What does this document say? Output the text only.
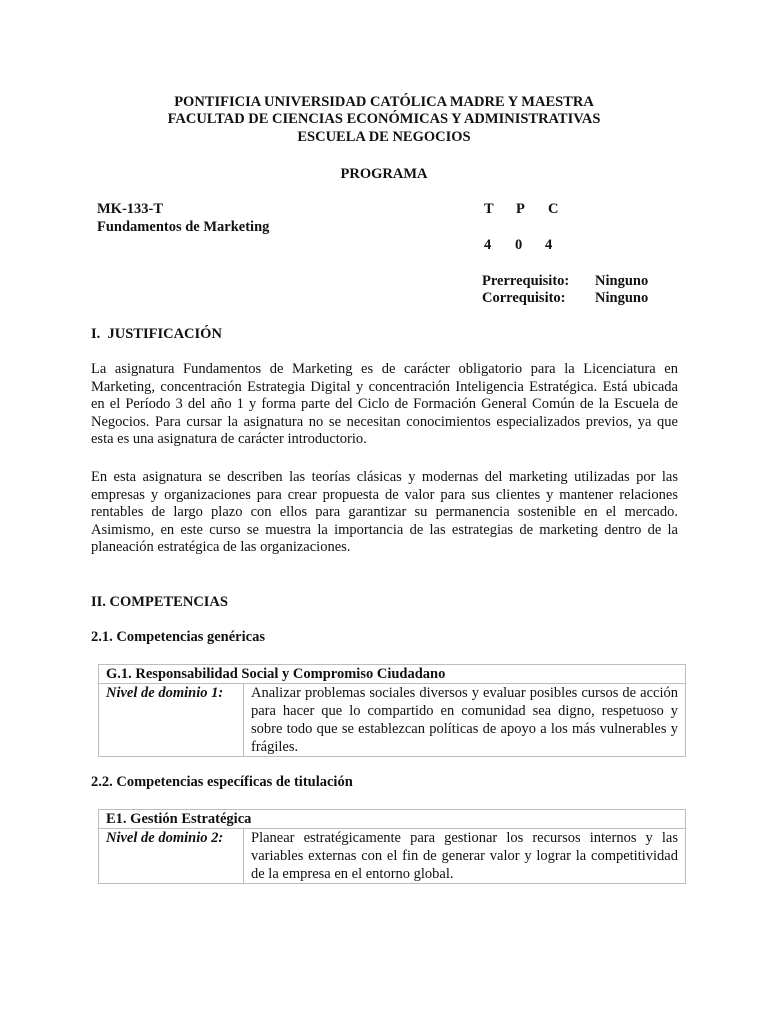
PONTIFICIA UNIVERSIDAD CATÓLICA MADRE Y MAESTRA
FACULTAD DE CIENCIAS ECONÓMICAS Y ADMINISTRATIVAS
ESCUELA DE NEGOCIOS
PROGRAMA
MK-133-T
Fundamentos de Marketing
T P C
4 0 4
Prerrequisito: Ninguno
Correquisito: Ninguno
I.  JUSTIFICACIÓN

La asignatura Fundamentos de Marketing es de carácter obligatorio para la Licenciatura en Marketing, concentración Estrategia Digital y concentración Inteligencia Estratégica. Está ubicada en el Período 3 del año 1 y forma parte del Ciclo de Formación General Común de la Escuela de Negocios. Para cursar la asignatura no se necesitan conocimientos especializados previos, ya que esta es una asignatura de carácter introductorio.

En esta asignatura se describen las teorías clásicas y modernas del marketing utilizadas por las empresas y organizaciones para crear propuesta de valor para sus clientes y mantener relaciones rentables de largo plazo con ellos para garantizar su permanencia sostenible en el mercado. Asimismo, en este curso se muestra la importancia de las estrategias de marketing dentro de la planeación estratégica de las organizaciones.

II. COMPETENCIAS
2.1. Competencias genéricas
G.1. Responsabilidad Social y Compromiso Ciudadano
Nivel de dominio 1:	Analizar problemas sociales diversos y evaluar posibles cursos de acción para hacer que lo compartido en comunidad sea digno, respetuoso y sobre todo que se establezcan políticas de apoyo a los más vulnerables y frágiles.
2.2. Competencias específicas de titulación
E1. Gestión Estratégica
Nivel de dominio 2:	Planear estratégicamente para gestionar los recursos internos y las variables externas con el fin de generar valor y lograr la competitividad de la empresa en el entorno global.
